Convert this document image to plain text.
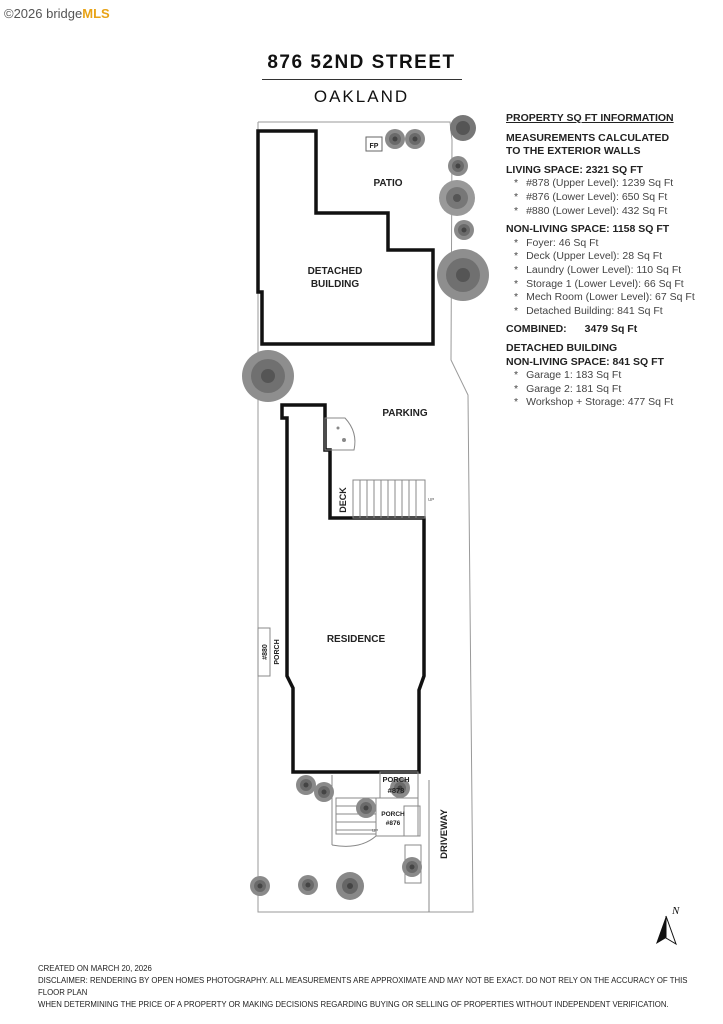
©2026 bridgeMLS
876 52ND STREET
OAKLAND
FP
PATIO
DETACHED
BUILDING
PARKING
DECK
RESIDENCE
#880 PORCH
PORCH
#878
PORCH
#876	DRIVEWAY
UP
UP
PROPERTY SQ FT INFORMATION
MEASUREMENTS CALCULATED
TO THE EXTERIOR WALLS
LIVING SPACE: 2321 SQ FT
* #878 (Upper Level): 1239 Sq Ft
* #876 (Lower Level): 650 Sq Ft
* #880 (Lower Level): 432 Sq Ft
NON-LIVING SPACE: 1158 SQ FT
* Foyer: 46 Sq Ft
* Deck (Upper Level): 28 Sq Ft
* Laundry (Lower Level): 110 Sq Ft
* Storage 1 (Lower Level): 66 Sq Ft
* Mech Room (Lower Level): 67 Sq Ft
* Detached Building: 841 Sq Ft
COMBINED: 3479 Sq Ft
DETACHED BUILDING
NON-LIVING SPACE: 841 SQ FT
* Garage 1: 183 Sq Ft
* Garage 2: 181 Sq Ft
* Workshop + Storage: 477 Sq Ft
N
CREATED ON MARCH 20, 2026
DISCLAIMER: RENDERING BY OPEN HOMES PHOTOGRAPHY. ALL MEASUREMENTS ARE APPROXIMATE AND MAY NOT BE EXACT. DO NOT RELY ON THE ACCURACY OF THIS FLOOR PLAN
WHEN DETERMINING THE PRICE OF A PROPERTY OR MAKING DECISIONS REGARDING BUYING OR SELLING OF PROPERTIES WITHOUT INDEPENDENT VERIFICATION.
